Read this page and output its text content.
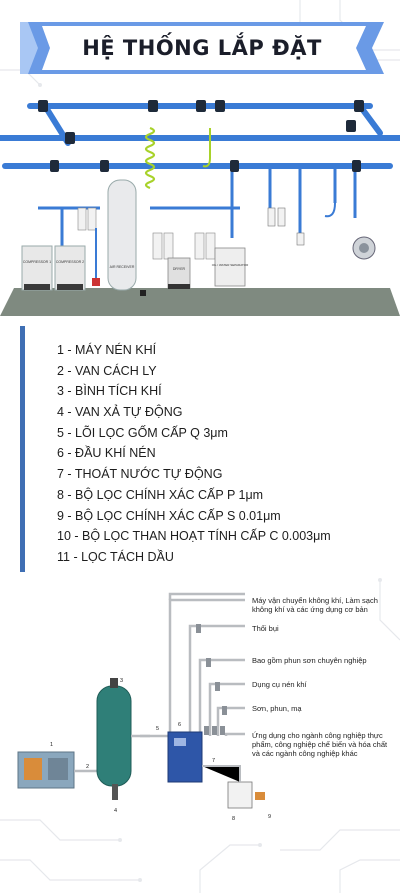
HỆ THỐNG LẮP ĐẶT
COMPRESSOR 1 COMPRESSOR 2
AIR RECEIVER	DRYER
OIL / WATER SEPARATOR
1 - MÁY NÉN KHÍ
2 - VAN CÁCH LY
3 - BÌNH TÍCH KHÍ
4 - VAN XẢ TỰ ĐỘNG
5 - LÕI LỌC GỐM CẤP Q 3μm
6 - ĐẦU KHÍ NÉN
7 - THOÁT NƯỚC TỰ ĐỘNG
8 - BỘ LỌC CHÍNH XÁC CẤP P 1μm
9 - BỘ LỌC CHÍNH XÁC CẤP S 0.01μm
10 - BỘ LỌC THAN HOẠT TÍNH CẤP C 0.003μm
11 - LỌC TÁCH DẦU
1
2
3
4
5
6
7
8	9
Máy vận chuyển không khí, Làm sạch không khí và các ứng dụng cơ bản
Thổi bụi
Bao gồm phun sơn chuyên nghiệp
Dụng cụ nén khí
Sơn, phun, mạ
Ứng dụng cho ngành công nghiệp thực phẩm, công nghiệp chế biến và hóa chất và các ngành công nghiệp khác
